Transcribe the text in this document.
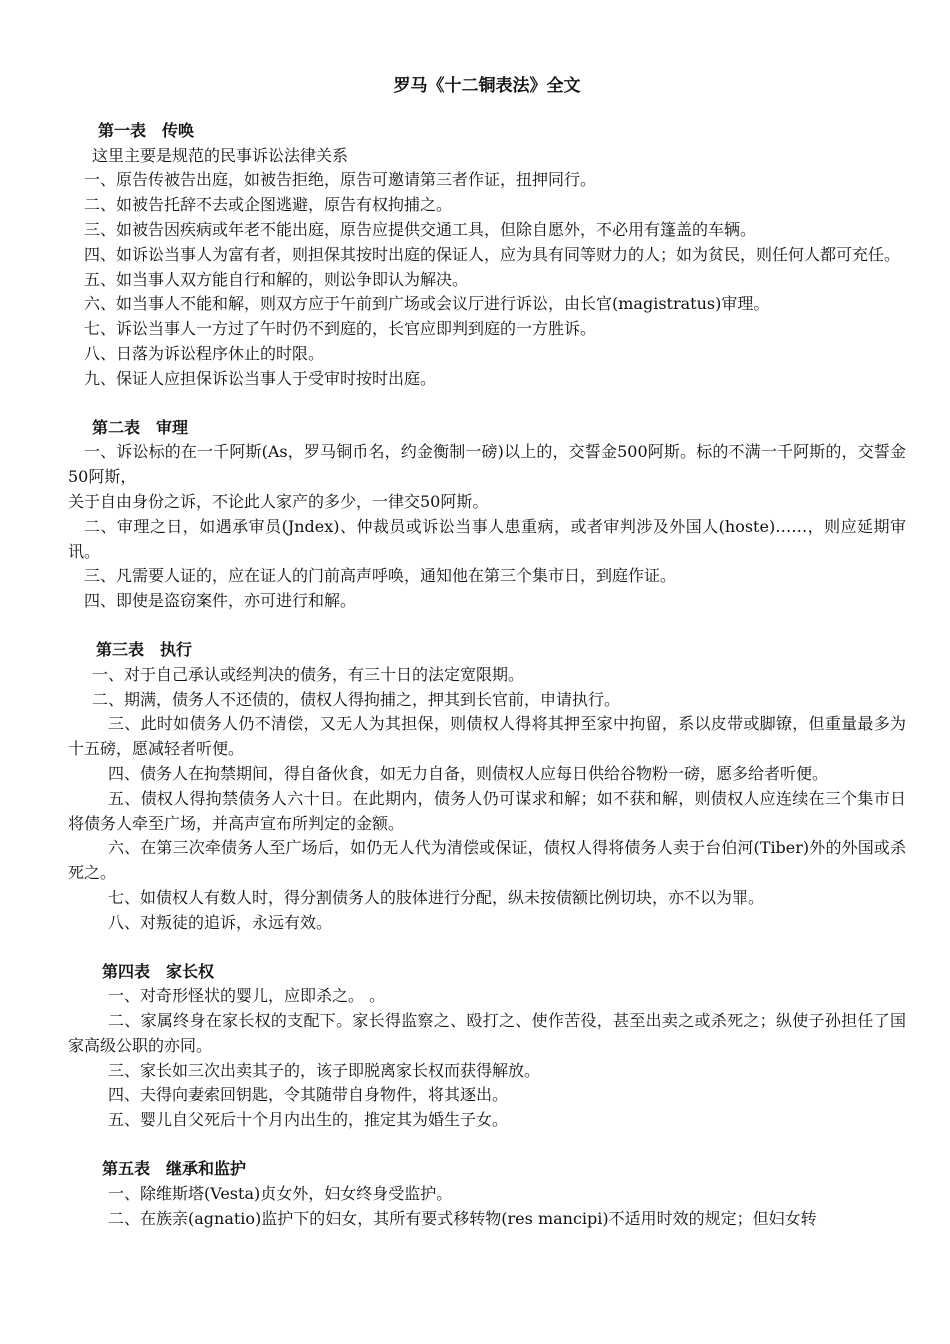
罗马《十二铜表法》全文

第一表　传唤

这里主要是规范的民事诉讼法律关系

一、原告传被告出庭，如被告拒绝，原告可邀请第三者作证，扭押同行。

二、如被告托辞不去或企图逃避，原告有权拘捕之。

三、如被告因疾病或年老不能出庭，原告应提供交通工具，但除自愿外，不必用有篷盖的车辆。

四、如诉讼当事人为富有者，则担保其按时出庭的保证人，应为具有同等财力的人；如为贫民，则任何人都可充任。

五、如当事人双方能自行和解的，则讼争即认为解决。

六、如当事人不能和解，则双方应于午前到广场或会议厅进行诉讼，由长官(magistratus)审理。

七、诉讼当事人一方过了午时仍不到庭的，长官应即判到庭的一方胜诉。

八、日落为诉讼程序休止的时限。

九、保证人应担保诉讼当事人于受审时按时出庭。

第二表　审理

一、诉讼标的在一千阿斯(As，罗马铜币名，约金衡制一磅)以上的，交誓金500阿斯。标的不满一千阿斯的，交誓金50阿斯，

关于自由身份之诉，不论此人家产的多少，一律交50阿斯。

二、审理之日，如遇承审员(Jndex)、仲裁员或诉讼当事人患重病，或者审判涉及外国人(hoste)……，则应延期审讯。

三、凡需要人证的，应在证人的门前高声呼唤，通知他在第三个集市日，到庭作证。

四、即使是盗窃案件，亦可进行和解。

第三表　执行

一、对于自己承认或经判决的债务，有三十日的法定宽限期。

二、期满，债务人不还债的，债权人得拘捕之，押其到长官前，申请执行。

三、此时如债务人仍不清偿，又无人为其担保，则债权人得将其押至家中拘留，系以皮带或脚镣，但重量最多为十五磅，愿减轻者听便。

四、债务人在拘禁期间，得自备伙食，如无力自备，则债权人应每日供给谷物粉一磅，愿多给者听便。

五、债权人得拘禁债务人六十日。在此期内，债务人仍可谋求和解；如不获和解，则债权人应连续在三个集市日将债务人牵至广场，并高声宣布所判定的金额。

六、在第三次牵债务人至广场后，如仍无人代为清偿或保证，债权人得将债务人卖于台伯河(Tiber)外的外国或杀死之。

七、如债权人有数人时，得分割债务人的肢体进行分配，纵未按债额比例切块，亦不以为罪。

八、对叛徒的追诉，永远有效。

第四表　家长权

一、对奇形怪状的婴儿，应即杀之。 。

二、家属终身在家长权的支配下。家长得监察之、殴打之、使作苦役，甚至出卖之或杀死之；纵使子孙担任了国家高级公职的亦同。

三、家长如三次出卖其子的，该子即脱离家长权而获得解放。

四、夫得向妻索回钥匙，令其随带自身物件，将其逐出。

五、婴儿自父死后十个月内出生的，推定其为婚生子女。

第五表　继承和监护

一、除维斯塔(Vesta)贞女外，妇女终身受监护。

二、在族亲(agnatio)监护下的妇女，其所有要式移转物(res mancipi)不适用时效的规定；但妇女转
